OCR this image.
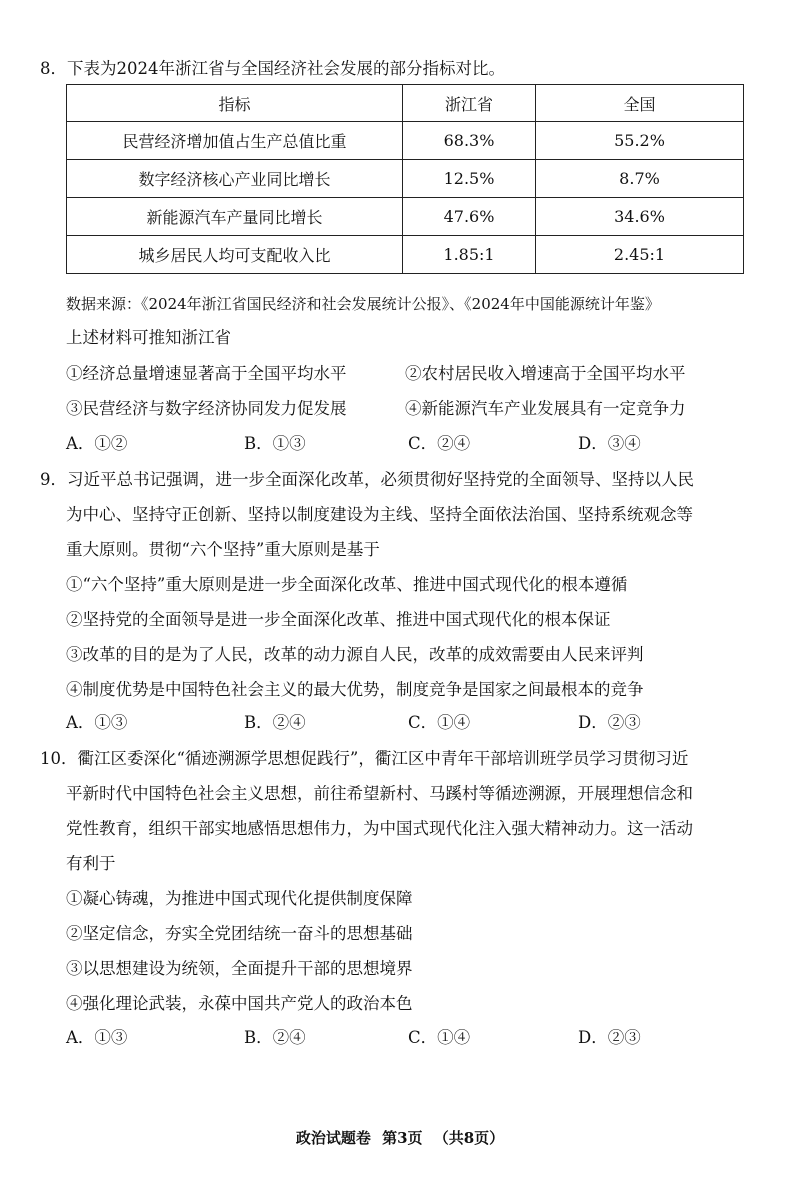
8．下表为2024年浙江省与全国经济社会发展的部分指标对比。
指标	浙江省	全国
民营经济增加值占生产总值比重	68.3%	55.2%
数字经济核心产业同比增长	12.5%	8.7%
新能源汽车产量同比增长	47.6%	34.6%
城乡居民人均可支配收入比	1.85:1	2.45:1
数据来源：《2024年浙江省国民经济和社会发展统计公报》、《2024年中国能源统计年鉴》
上述材料可推知浙江省
①经济总量增速显著高于全国平均水平	②农村居民收入增速高于全国平均水平
③民营经济与数字经济协同发力促发展	④新能源汽车产业发展具有一定竞争力
A．①②	B．①③	C．②④	D．③④
9．习近平总书记强调，进一步全面深化改革，必须贯彻好坚持党的全面领导、坚持以人民
为中心、坚持守正创新、坚持以制度建设为主线、坚持全面依法治国、坚持系统观念等
重大原则。贯彻“六个坚持”重大原则是基于
①“六个坚持”重大原则是进一步全面深化改革、推进中国式现代化的根本遵循
②坚持党的全面领导是进一步全面深化改革、推进中国式现代化的根本保证
③改革的目的是为了人民，改革的动力源自人民，改革的成效需要由人民来评判
④制度优势是中国特色社会主义的最大优势，制度竞争是国家之间最根本的竞争
A．①③	B．②④	C．①④	D．②③
10．衢江区委深化“循迹溯源学思想促践行”，衢江区中青年干部培训班学员学习贯彻习近
平新时代中国特色社会主义思想，前往希望新村、马蹊村等循迹溯源，开展理想信念和
党性教育，组织干部实地感悟思想伟力，为中国式现代化注入强大精神动力。这一活动
有利于
①凝心铸魂，为推进中国式现代化提供制度保障
②坚定信念，夯实全党团结统一奋斗的思想基础
③以思想建设为统领，全面提升干部的思想境界
④强化理论武装，永葆中国共产党人的政治本色
A．①③	B．②④	C．①④	D．②③
政治试题卷 第3页 （共8页）
